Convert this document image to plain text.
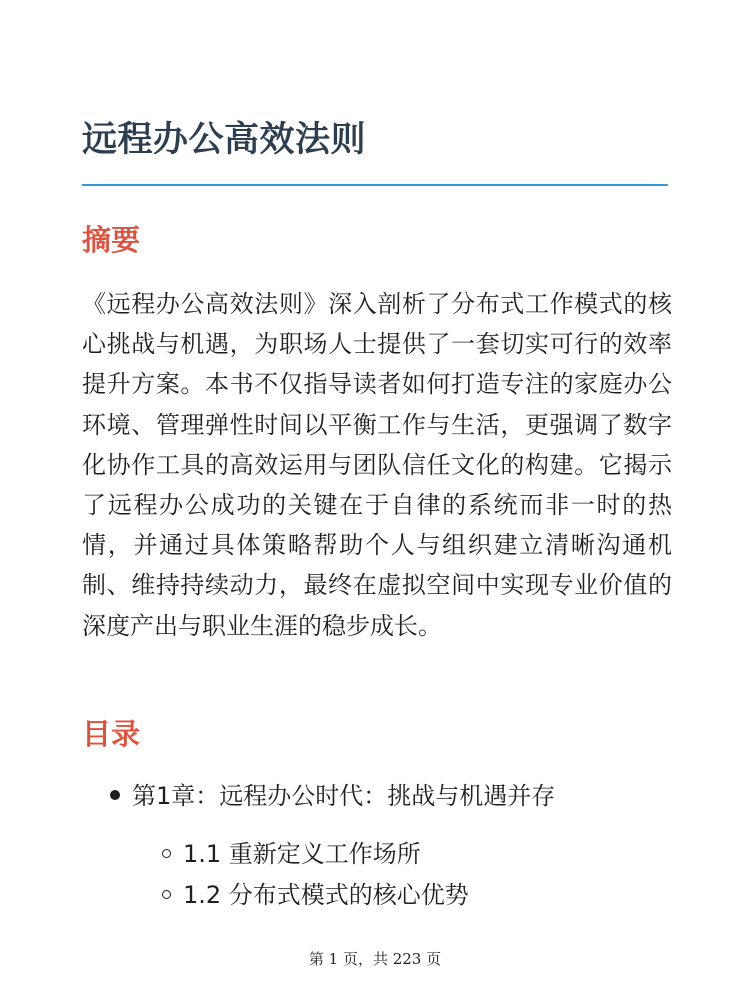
远程办公高效法则
摘要

《远程办公高效法则》深入剖析了分布式工作模式的核心挑战与机遇，为职场人士提供了一套切实可行的效率提升方案。本书不仅指导读者如何打造专注的家庭办公环境、管理弹性时间以平衡工作与生活，更强调了数字化协作工具的高效运用与团队信任文化的构建。它揭示了远程办公成功的关键在于自律的系统而非一时的热情，并通过具体策略帮助个人与组织建立清晰沟通机制、维持持续动力，最终在虚拟空间中实现专业价值的深度产出与职业生涯的稳步成长。

目录
第1章：远程办公时代：挑战与机遇并存
1.1 重新定义工作场所
1.2 分布式模式的核心优势
第 1 页，共 223 页
